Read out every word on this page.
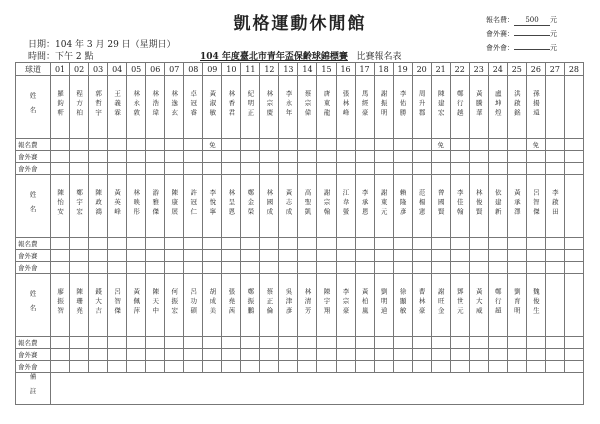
凱格運動休閒館	報名費： 500 元
會外賽：	元
會外會：	元
日期：104 年 3 月 29 日（星期日）
時間：下午 2 點	104 年度臺北市青年盃保齡球錦標賽 比賽報名表
球道	01	02	03	04	05	06	07	08	09	10	11	12	13	14	15	16	17	18	19	20	21	22	23	24	25	26	27	28
姓名	羅鈞軒	程方柏	郭哲宇	王義霖	林永敦	林浩瑋	林逸玄	卓冠睿	黃淑敏	林香君	紀明正	林宗慶	李永年	蔡宗偉	唐東龍	張林峰	馬經豪	謝振明	李佑勝	周升郡	陳建宏	鄭行越	黃騰華	盧坤煌	洪啟銘	孫揚遠		
報名費									免												免					免		
會外賽																												
會外會																												
姓名	陳怡安	鄭宇宏	陳政鴻	黃英峰	林映彤	游雅傑	陳康展	許冠仁	李悅寧	林呈恩	鄭金榮	林國成	黃志成	高聖凱	謝宗翰	江韋螢	李承恩	謝東元	賴隆彥	范楊憲	曾國賢	李佳翰	林俊賢	依建新	黃承澤	呂智傑	李啟田	
報名費																												
會外賽																												
會外會																												
姓名	廖振智	陳珊堯	錢大吉	呂智傑	黃佩萍	陳天中	何振宏	呂功碩	胡成美	張堯茜	鄭振鵬	蔡正倫	吳津彥	林清芳	陳宇翔	李宗豪	黃柏嵐	劉明道	徐顯敏	曹林豪	謝旺金	鄧世元	黃大威	鄭行超	劉育明	魏俊生		
報名費																												
會外賽																												
會外會																												
備註																												
